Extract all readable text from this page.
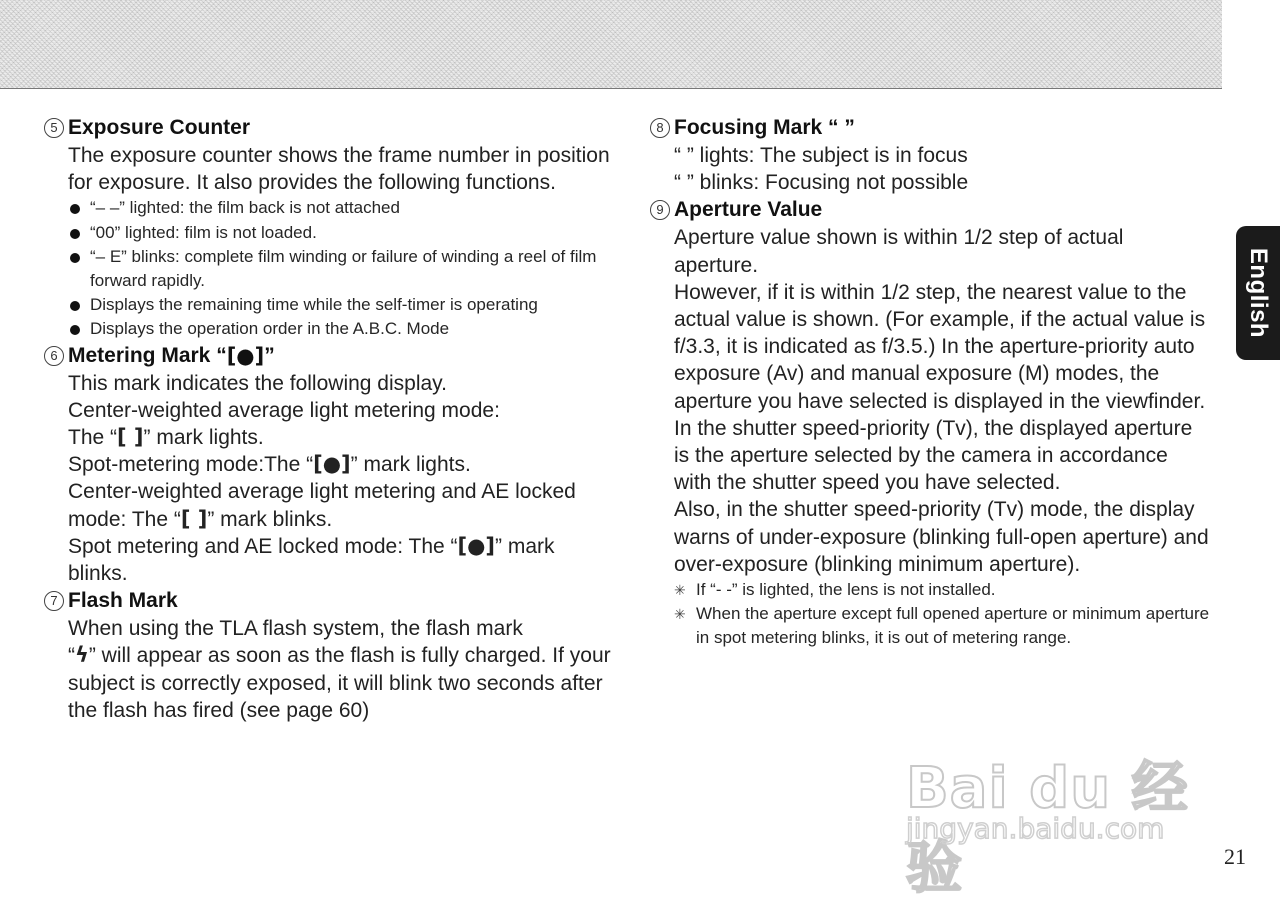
5 Exposure Counter
The exposure counter shows the frame number in position for exposure. It also provides the following functions.
“– –” lighted: the film back is not attached
“00” lighted: film is not loaded.
“– E” blinks: complete film winding or failure of winding a reel of film forward rapidly.
Displays the remaining time while the self-timer is operating
Displays the operation order in the A.B.C. Mode
6 Metering Mark “ [●] ”
This mark indicates the following display.
Center-weighted average light metering mode:
The “[ ]” mark lights.
Spot-metering mode:The “[●]” mark lights.
Center-weighted average light metering and AE locked mode: The “[ ]” mark blinks.
Spot metering and AE locked mode: The “[●]” mark blinks.
7 Flash Mark
When using the TLA flash system, the flash mark
“ϟ” will appear as soon as the flash is fully charged. If your subject is correctly exposed, it will blink two seconds after the flash has fired (see page 60)
8 Focusing Mark “ ”
“ ” lights: The subject is in focus
“ ” blinks: Focusing not possible
9 Aperture Value
Aperture value shown is within 1/2 step of actual aperture.
However, if it is within 1/2 step, the nearest value to the actual value is shown. (For example, if the actual value is f/3.3, it is indicated as f/3.5.) In the aperture-priority auto exposure (Av) and manual exposure (M) modes, the aperture you have selected is displayed in the viewfinder.
In the shutter speed-priority (Tv), the displayed aperture is the aperture selected by the camera in accordance with the shutter speed you have selected.
Also, in the shutter speed-priority (Tv) mode, the display warns of under-exposure (blinking full-open aperture) and over-exposure (blinking minimum aperture).
✳ If “- -” is lighted, the lens is not installed.
✳ When the aperture except full opened aperture or minimum aperture in spot metering blinks, it is out of metering range.
English
Bai du 经验
jingyan.baidu.com
21
